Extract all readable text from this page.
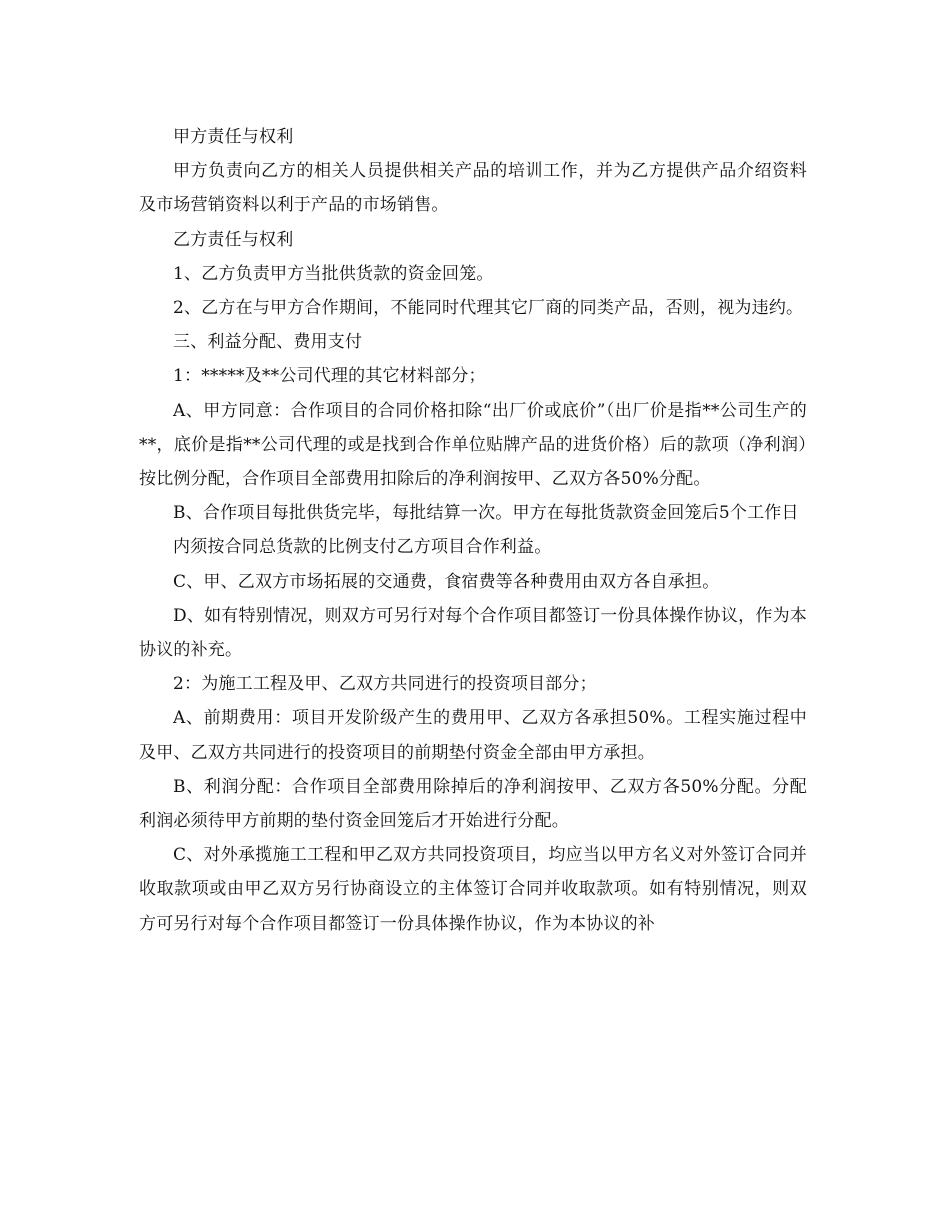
甲方责任与权利

甲方负责向乙方的相关人员提供相关产品的培训工作，并为乙方提供产品介绍资料及市场营销资料以利于产品的市场销售。

乙方责任与权利

1、乙方负责甲方当批供货款的资金回笼。

2、乙方在与甲方合作期间，不能同时代理其它厂商的同类产品，否则，视为违约。

三、利益分配、费用支付

1：*****及**公司代理的其它材料部分；

A、甲方同意：合作项目的合同价格扣除“出厂价或底价”（出厂价是指**公司生产的**，底价是指**公司代理的或是找到合作单位贴牌产品的进货价格）后的款项（净利润）按比例分配，合作项目全部费用扣除后的净利润按甲、乙双方各50%分配。

B、合作项目每批供货完毕，每批结算一次。甲方在每批货款资金回笼后5个工作日

内须按合同总货款的比例支付乙方项目合作利益。

C、甲、乙双方市场拓展的交通费，食宿费等各种费用由双方各自承担。

D、如有特别情况，则双方可另行对每个合作项目都签订一份具体操作协议，作为本协议的补充。

2：为施工工程及甲、乙双方共同进行的投资项目部分；

A、前期费用：项目开发阶级产生的费用甲、乙双方各承担50%。工程实施过程中及甲、乙双方共同进行的投资项目的前期垫付资金全部由甲方承担。

B、利润分配：合作项目全部费用除掉后的净利润按甲、乙双方各50%分配。分配利润必须待甲方前期的垫付资金回笼后才开始进行分配。

C、对外承揽施工工程和甲乙双方共同投资项目，均应当以甲方名义对外签订合同并收取款项或由甲乙双方另行协商设立的主体签订合同并收取款项。如有特别情况，则双方可另行对每个合作项目都签订一份具体操作协议，作为本协议的补
